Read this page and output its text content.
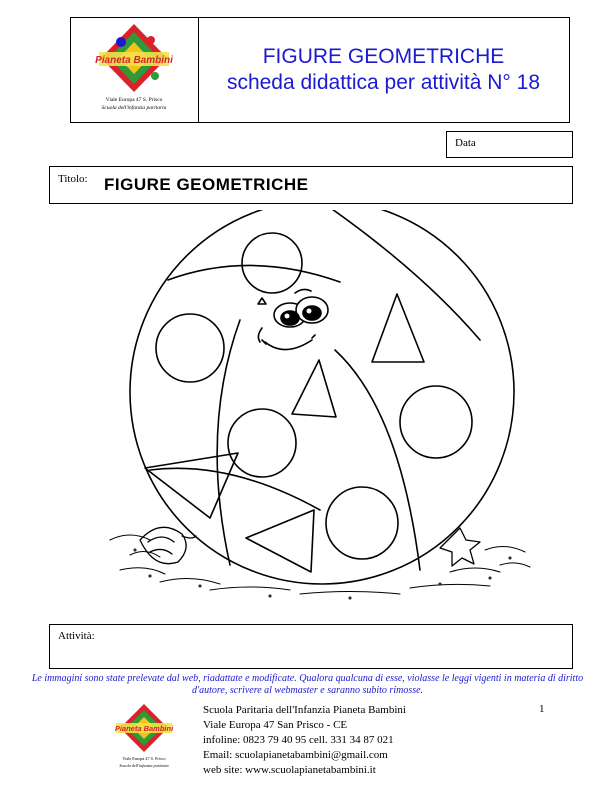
Pianeta Bambini
Viale Europa 47 S. Prisco
Scuola dell'infanzia paritaria
FIGURE GEOMETRICHE
scheda didattica per attività N° 18
Data
Titolo: FIGURE GEOMETRICHE
Attività:
Le immagini sono state prelevate dal web, riadattate e modificate. Qualora qualcuna di esse, violasse le leggi vigenti in materia di diritto d'autore, scrivere al webmaster e saranno subito rimosse.
1
Pianeta Bambini
Viale Europa 47 S. Prisco
Scuola dell'infanzia paritaria
Scuola Paritaria dell'Infanzia Pianeta Bambini
Viale Europa 47 San Prisco - CE
infoline: 0823 79 40 95 cell. 331 34 87 021
Email: scuolapianetabambini@gmail.com
web site: www.scuolapianetabambini.it
